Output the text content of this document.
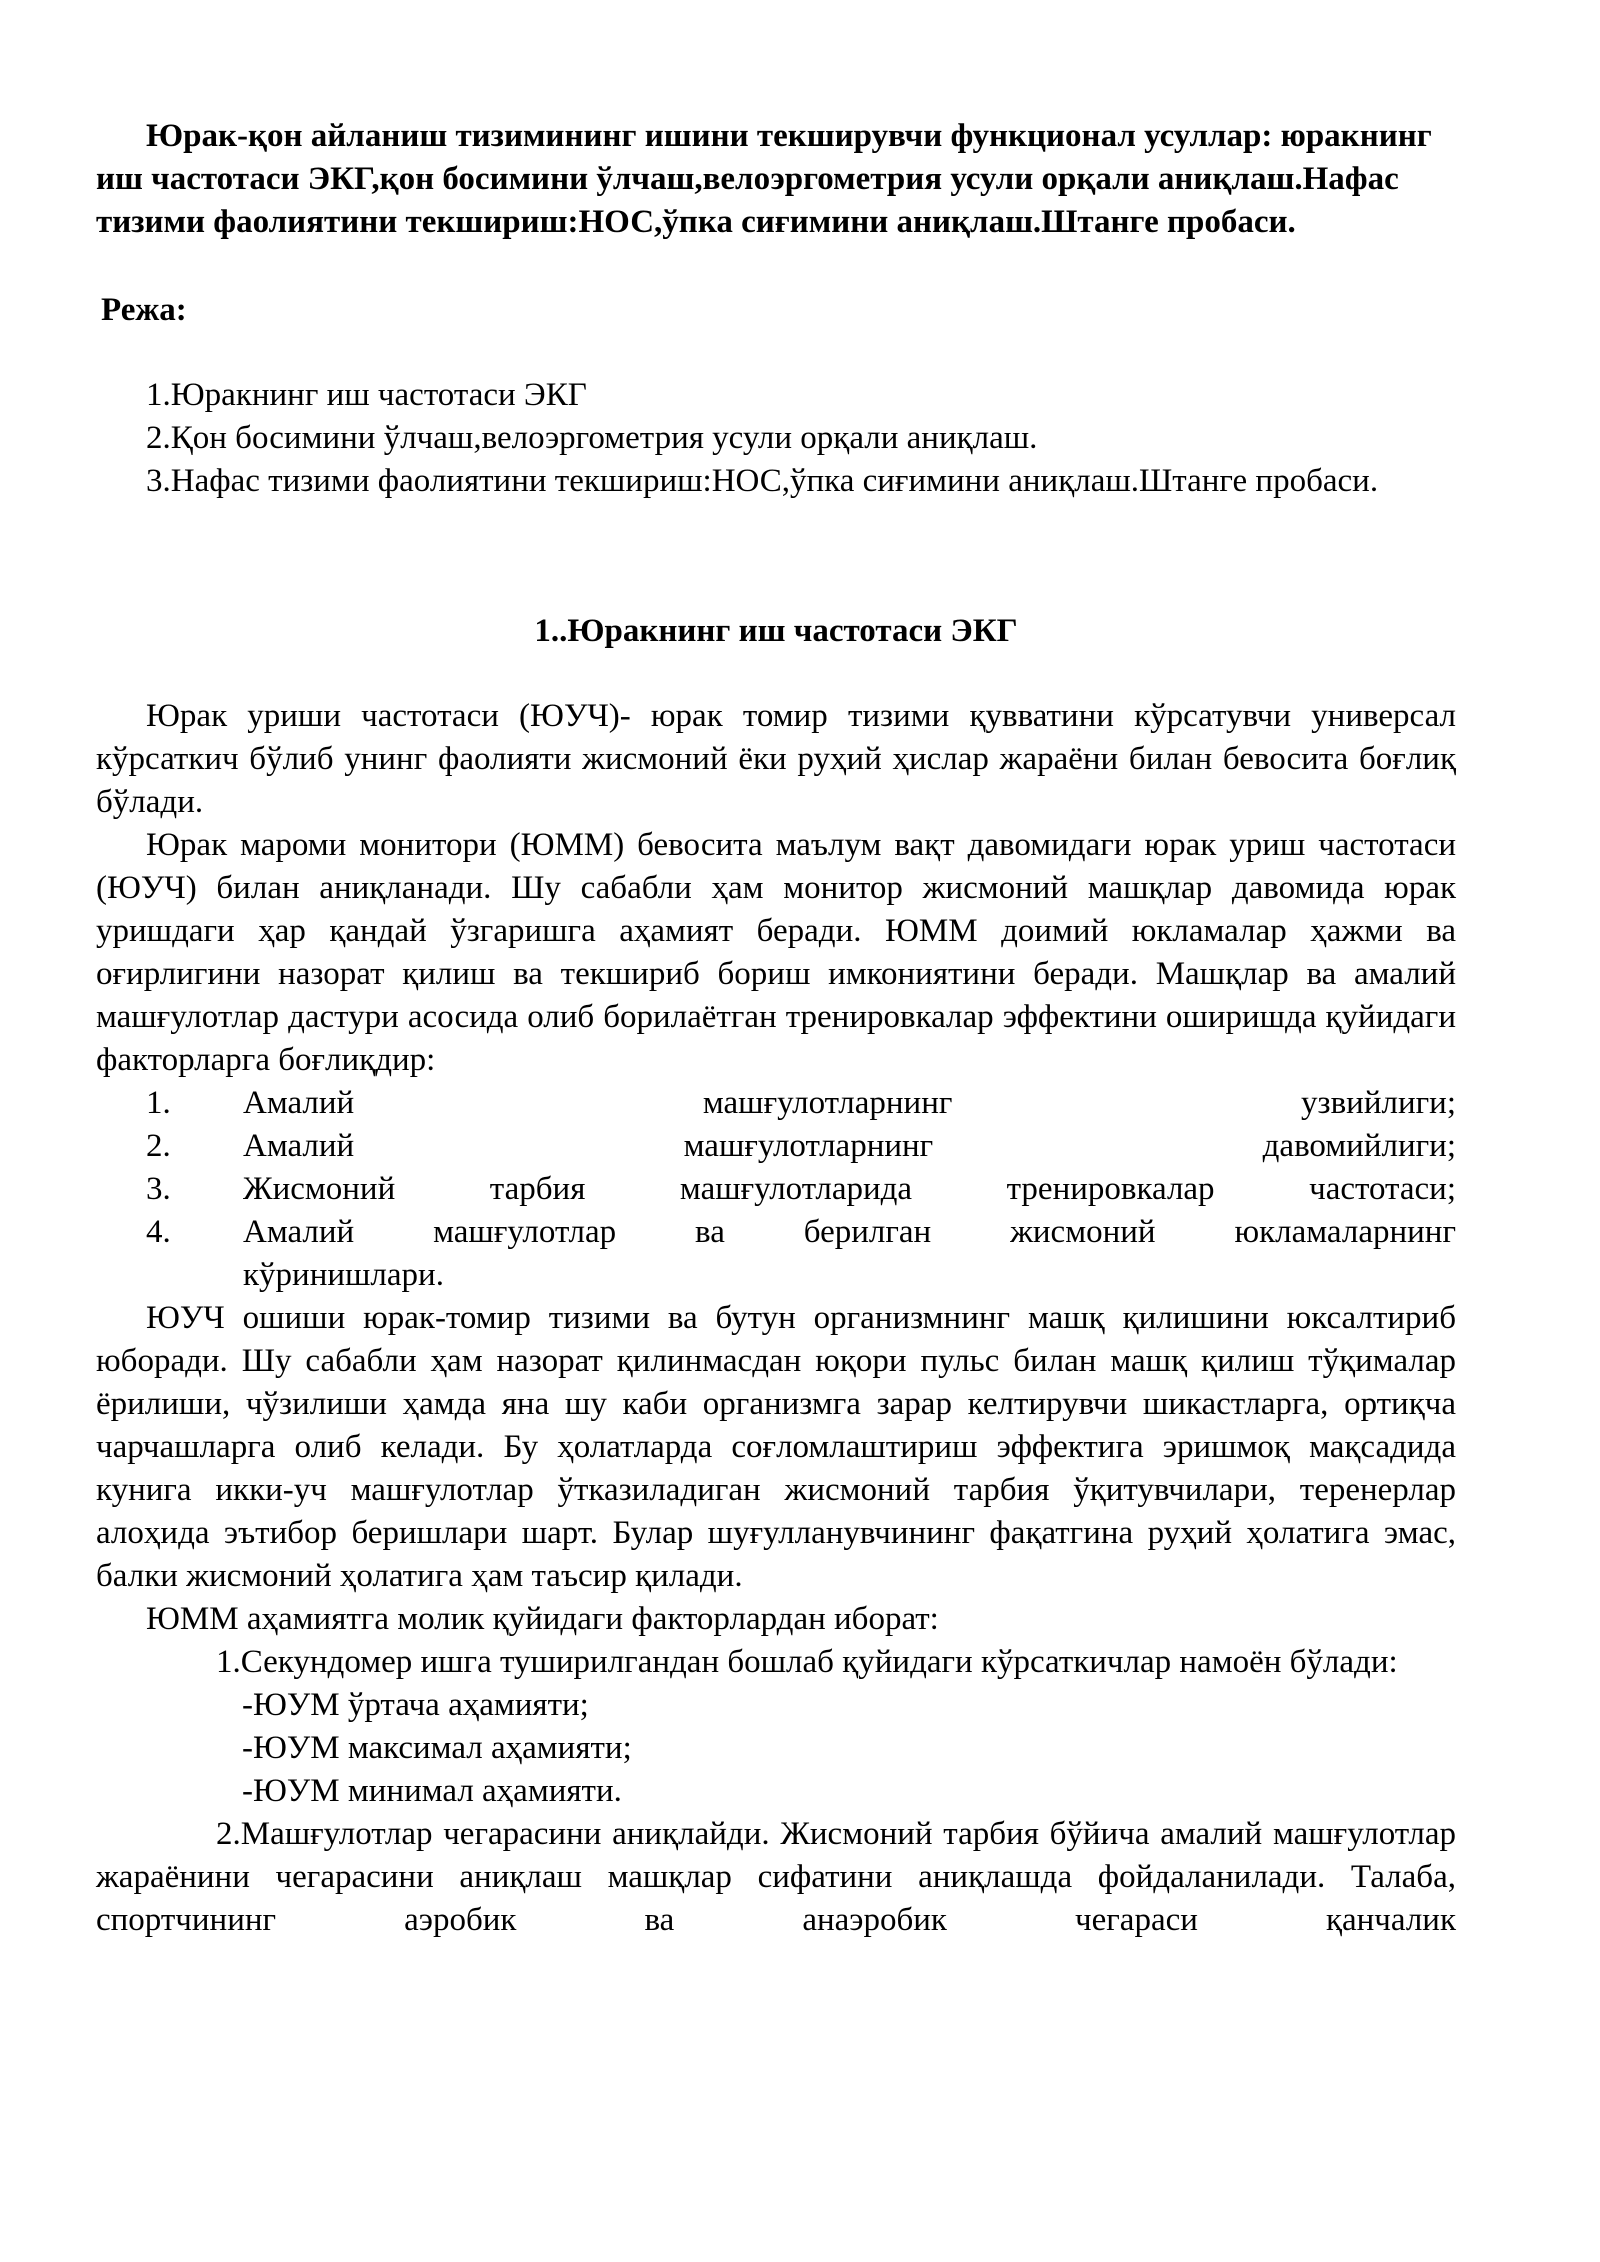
Юрак-қон айланиш тизимининг ишини текширувчи функционал усуллар: юракнинг иш частотаси ЭКГ,қон босимини ўлчаш,велоэргометрия усули орқали аниқлаш.Нафас тизими фаолиятини текшириш:НОС,ўпка сиғимини аниқлаш.Штанге пробаси.

Режа:

1.Юракнинг иш частотаси ЭКГ

2.Қон босимини ўлчаш,велоэргометрия усули орқали аниқлаш.

3.Нафас тизими фаолиятини текшириш:НОС,ўпка сиғимини аниқлаш.Штанге пробаси.

1..Юракнинг иш частотаси ЭКГ

Юрак уриши частотаси (ЮУЧ)- юрак томир тизими қувватини кўрсатувчи универсал кўрсаткич бўлиб унинг фаолияти жисмоний ёки руҳий ҳислар жараёни билан бевосита боғлиқ бўлади.

Юрак мароми монитори (ЮММ) бевосита маълум вақт давомидаги юрак уриш частотаси (ЮУЧ) билан аниқланади. Шу сабабли ҳам монитор жисмоний машқлар давомида юрак уришдаги ҳар қандай ўзгаришга аҳамият беради. ЮММ доимий юкламалар ҳажми ва оғирлигини назорат қилиш ва текшириб бориш имкониятини беради. Машқлар ва амалий машғулотлар дастури асосида олиб борилаётган тренировкалар эффектини оширишда қуйидаги факторларга боғлиқдир:

1.	Амалий машғулотларнинг узвийлиги;
2.	Амалий машғулотларнинг давомийлиги;
3.	Жисмоний тарбия машғулотларида тренировкалар частотаси;
4.	Амалий машғулотлар ва берилган жисмоний юкламаларнинг
кўринишлари.

ЮУЧ ошиши юрак-томир тизими ва бутун организмнинг машқ қилишини юксалтириб юборади. Шу сабабли ҳам назорат қилинмасдан юқори пульс билан машқ қилиш тўқималар ёрилиши, чўзилиши ҳамда яна шу каби организмга зарар келтирувчи шикастларга, ортиқча чарчашларга олиб келади. Бу ҳолатларда соғломлаштириш эффектига эришмоқ мақсадида кунига икки-уч машғулотлар ўтказиладиган жисмоний тарбия ўқитувчилари, теренерлар алоҳида эътибор беришлари шарт. Булар шуғулланувчининг фақатгина руҳий ҳолатига эмас, балки жисмоний ҳолатига ҳам таъсир қилади.

ЮММ аҳамиятга молик қуйидаги факторлардан иборат:

1.Секундомер ишга туширилгандан бошлаб қуйидаги кўрсаткичлар намоён бўлади:

-ЮУМ ўртача аҳамияти;

-ЮУМ максимал аҳамияти;

-ЮУМ минимал аҳамияти.

2.Машғулотлар чегарасини аниқлайди. Жисмоний тарбия бўйича амалий машғулотлар жараёнини чегарасини аниқлаш машқлар сифатини аниқлашда фойдаланилади. Талаба, спортчининг аэробик ва анаэробик чегараси қанчалик
